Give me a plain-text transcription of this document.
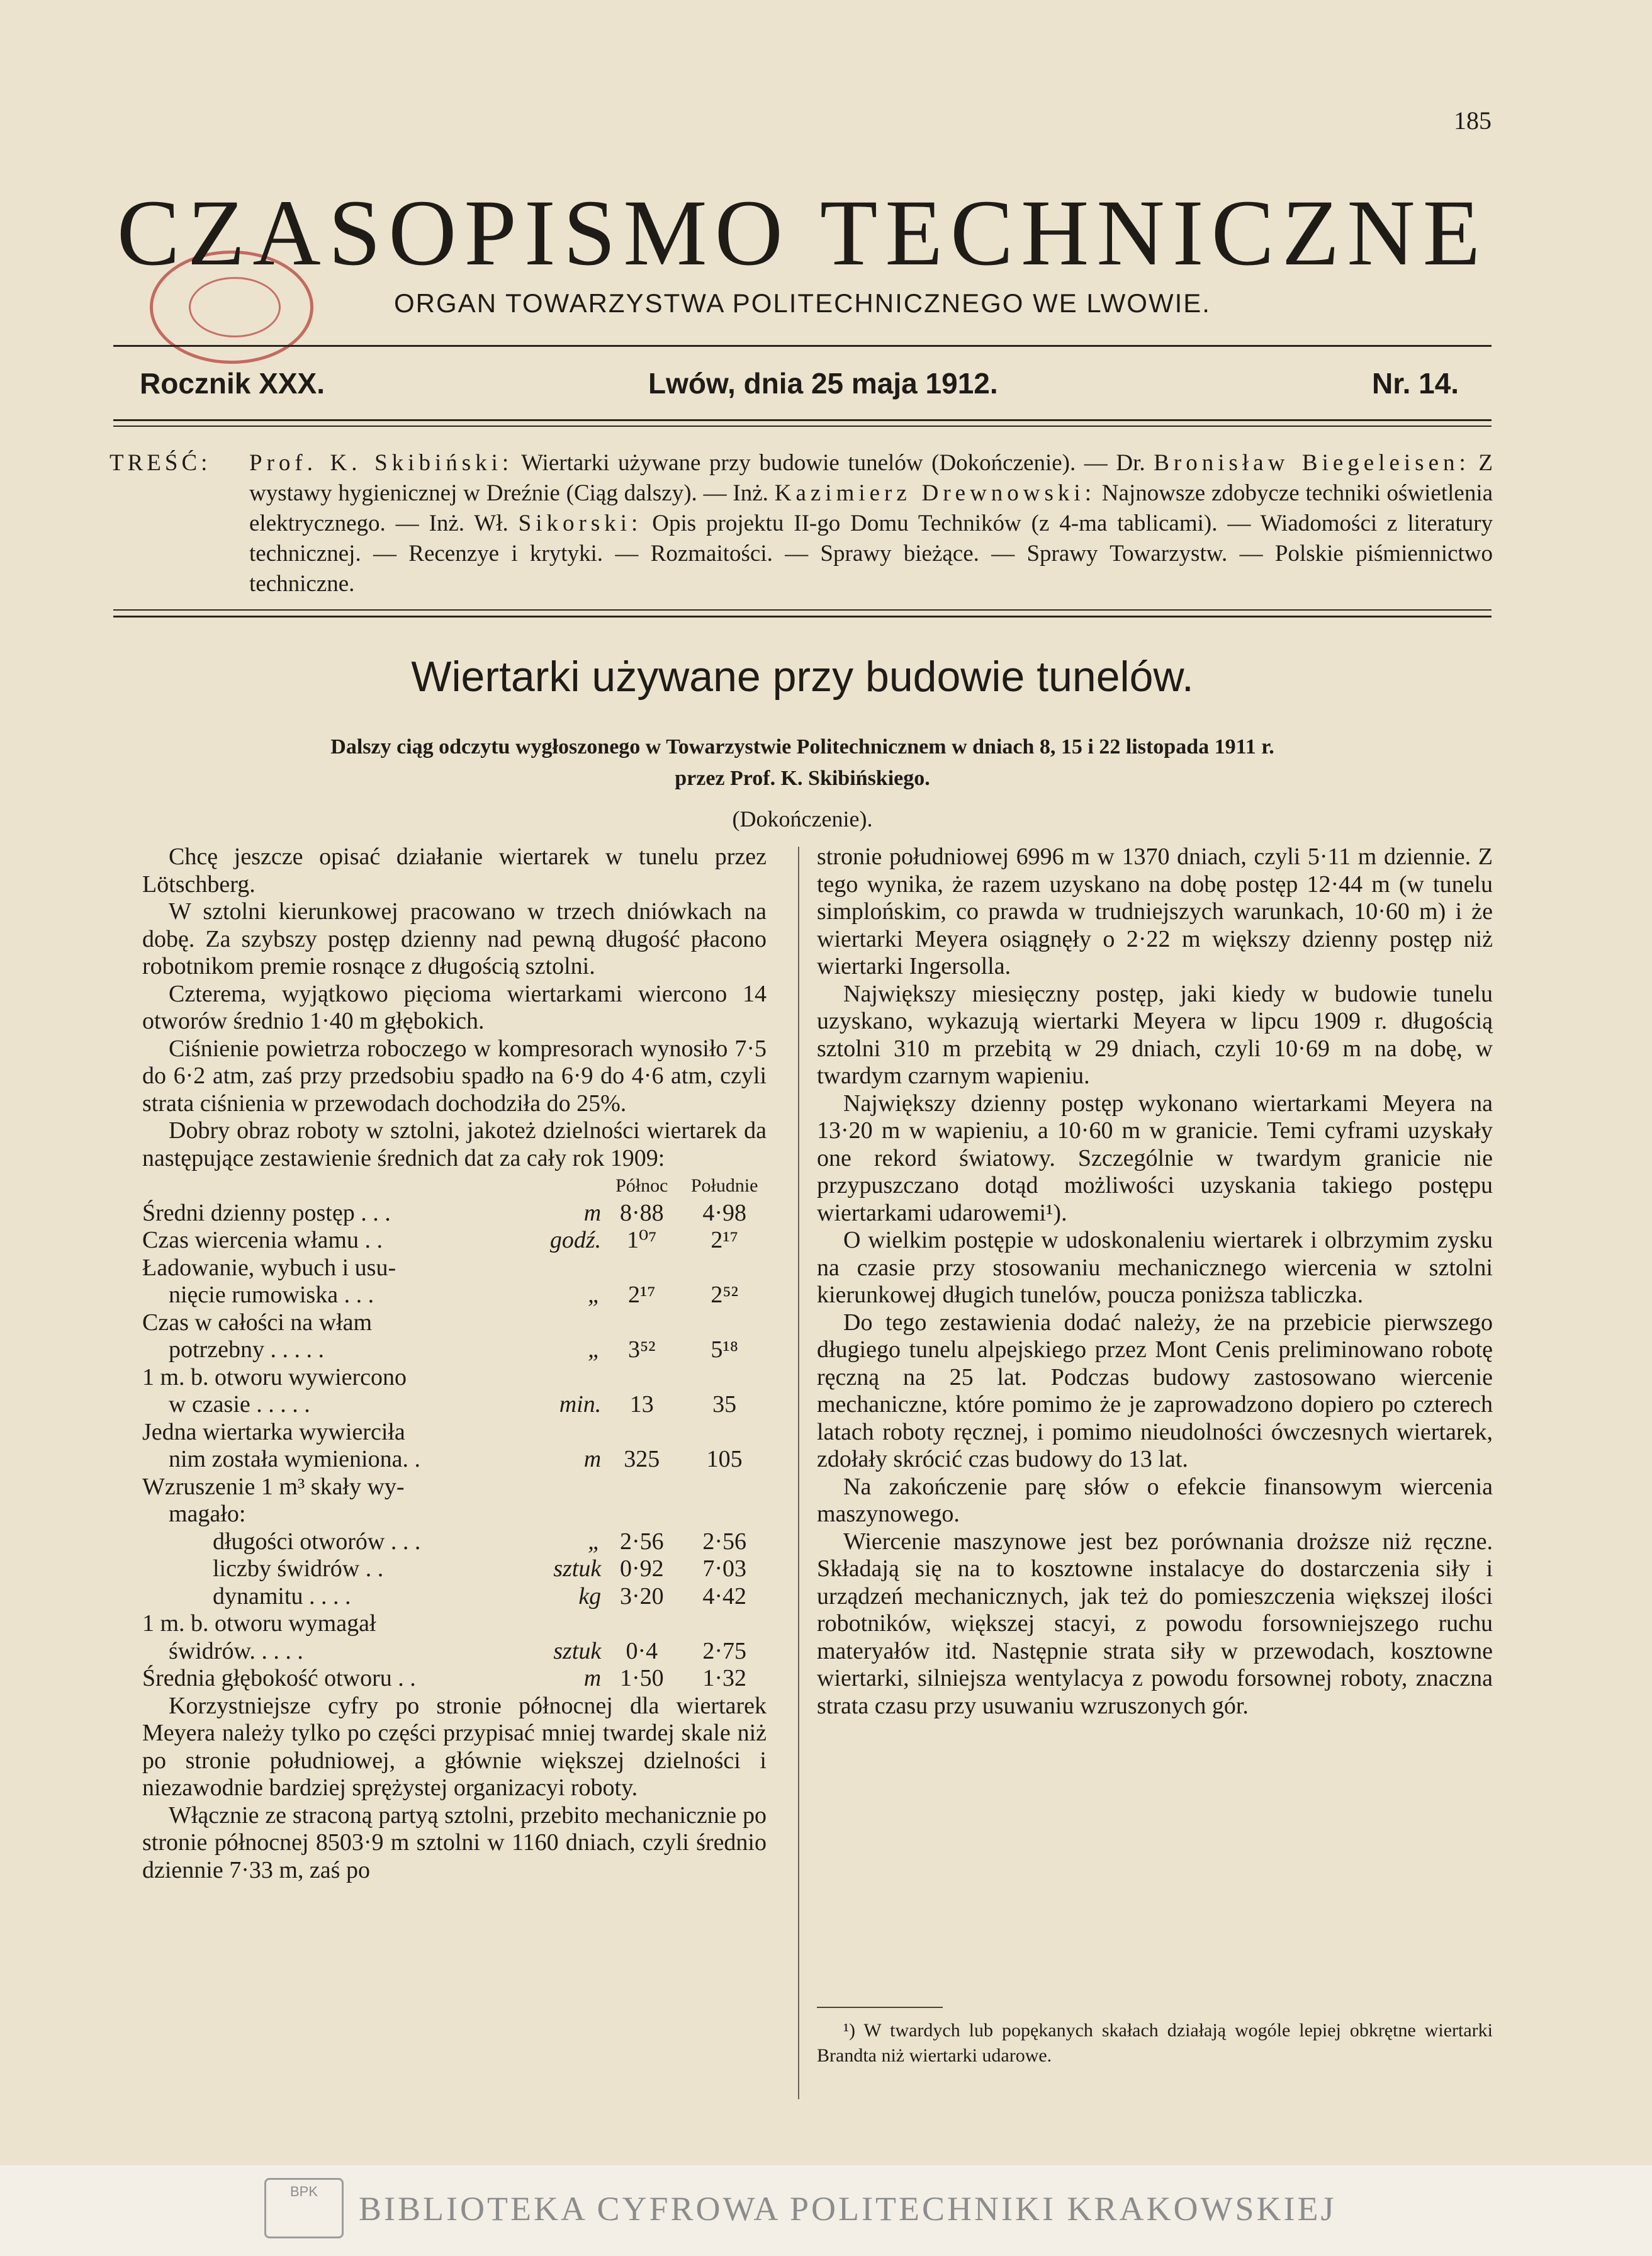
185
CZASOPISMO TECHNICZNE
ORGAN TOWARZYSTWA POLITECHNICZNEGO WE LWOWIE.
Rocznik XXX.	Lwów, dnia 25 maja 1912.	Nr. 14.
TREŚĆ: Prof. K. Skibiński: Wiertarki używane przy budowie tunelów (Dokończenie). — Dr. Bronisław Biegeleisen: Z wystawy hygienicznej w Dreźnie (Ciąg dalszy). — Inż. Kazimierz Drewnowski: Najnowsze zdobycze techniki oświetlenia elektrycznego. — Inż. Wł. Sikorski: Opis projektu II-go Domu Techników (z 4-ma tablicami). — Wiadomości z literatury technicznej. — Recenzye i krytyki. — Rozmaitości. — Sprawy bieżące. — Sprawy Towarzystw. — Polskie piśmiennictwo techniczne.
Wiertarki używane przy budowie tunelów.
Dalszy ciąg odczytu wygłoszonego w Towarzystwie Politechnicznem w dniach 8, 15 i 22 listopada 1911 r.
przez Prof. K. Skibińskiego.
(Dokończenie).

Chcę jeszcze opisać działanie wiertarek w tunelu przez Lötschberg.

W sztolni kierunkowej pracowano w trzech dniówkach na dobę. Za szybszy postęp dzienny nad pewną długość płacono robotnikom premie rosnące z długością sztolni.

Czterema, wyjątkowo pięcioma wiertarkami wiercono 14 otworów średnio 1·40 m głębokich.

Ciśnienie powietrza roboczego w kompresorach wynosiło 7·5 do 6·2 atm, zaś przy przedsobiu spadło na 6·9 do 4·6 atm, czyli strata ciśnienia w przewodach dochodziła do 25%.

Dobry obraz roboty w sztolni, jakoteż dzielności wiertarek da następujące zestawienie średnich dat za cały rok 1909:

		Północ	Południe
Średni dzienny postęp . . .	m	8·88	4·98
Czas wiercenia włamu . .	godź.	1⁰⁷	2¹⁷
Ładowanie, wybuch i usu-			
nięcie rumowiska . . .	„	2¹⁷	2⁵²
Czas w całości na włam			
potrzebny . . . . .	„	3⁵²	5¹⁸
1 m. b. otworu wywiercono			
w czasie . . . . .	min.	13	35
Jedna wiertarka wywierciła			
nim została wymieniona. .	m	325	105
Wzruszenie 1 m³ skały wy-			
magało:			
długości otworów . . .	„	2·56	2·56
liczby świdrów . .	sztuk	0·92	7·03
dynamitu . . . .	kg	3·20	4·42
1 m. b. otworu wymagał			
świdrów. . . . .	sztuk	0·4	2·75
Średnia głębokość otworu . .	m	1·50	1·32

Korzystniejsze cyfry po stronie północnej dla wiertarek Meyera należy tylko po części przypisać mniej twardej skale niż po stronie południowej, a głównie większej dzielności i niezawodnie bardziej sprężystej organizacyi roboty.

Włącznie ze straconą partyą sztolni, przebito mechanicznie po stronie północnej 8503·9 m sztolni w 1160 dniach, czyli średnio dziennie 7·33 m, zaś po

stronie południowej 6996 m w 1370 dniach, czyli 5·11 m dziennie. Z tego wynika, że razem uzyskano na dobę postęp 12·44 m (w tunelu simplońskim, co prawda w trudniejszych warunkach, 10·60 m) i że wiertarki Meyera osiągnęły o 2·22 m większy dzienny postęp niż wiertarki Ingersolla.

Największy miesięczny postęp, jaki kiedy w budowie tunelu uzyskano, wykazują wiertarki Meyera w lipcu 1909 r. długością sztolni 310 m przebitą w 29 dniach, czyli 10·69 m na dobę, w twardym czarnym wapieniu.

Największy dzienny postęp wykonano wiertarkami Meyera na 13·20 m w wapieniu, a 10·60 m w granicie. Temi cyframi uzyskały one rekord światowy. Szczególnie w twardym granicie nie przypuszczano dotąd możliwości uzyskania takiego postępu wiertarkami udarowemi¹).

O wielkim postępie w udoskonaleniu wiertarek i olbrzymim zysku na czasie przy stosowaniu mechanicznego wiercenia w sztolni kierunkowej długich tunelów, poucza poniższa tabliczka.

Do tego zestawienia dodać należy, że na przebicie pierwszego długiego tunelu alpejskiego przez Mont Cenis preliminowano robotę ręczną na 25 lat. Podczas budowy zastosowano wiercenie mechaniczne, które pomimo że je zaprowadzono dopiero po czterech latach roboty ręcznej, i pomimo nieudolności ówczesnych wiertarek, zdołały skrócić czas budowy do 13 lat.

Na zakończenie parę słów o efekcie finansowym wiercenia maszynowego.

Wiercenie maszynowe jest bez porównania droższe niż ręczne. Składają się na to kosztowne instalacye do dostarczenia siły i urządzeń mechanicznych, jak też do pomieszczenia większej ilości robotników, większej stacyi, z powodu forsowniejszego ruchu materyałów itd. Następnie strata siły w przewodach, kosztowne wiertarki, silniejsza wentylacya z powodu forsownej roboty, znaczna strata czasu przy usuwaniu wzruszonych gór.

¹) W twardych lub popękanych skałach działają wogóle lepiej obkrętne wiertarki Brandta niż wiertarki udarowe.
BPK	BIBLIOTEKA CYFROWA POLITECHNIKI KRAKOWSKIEJ
